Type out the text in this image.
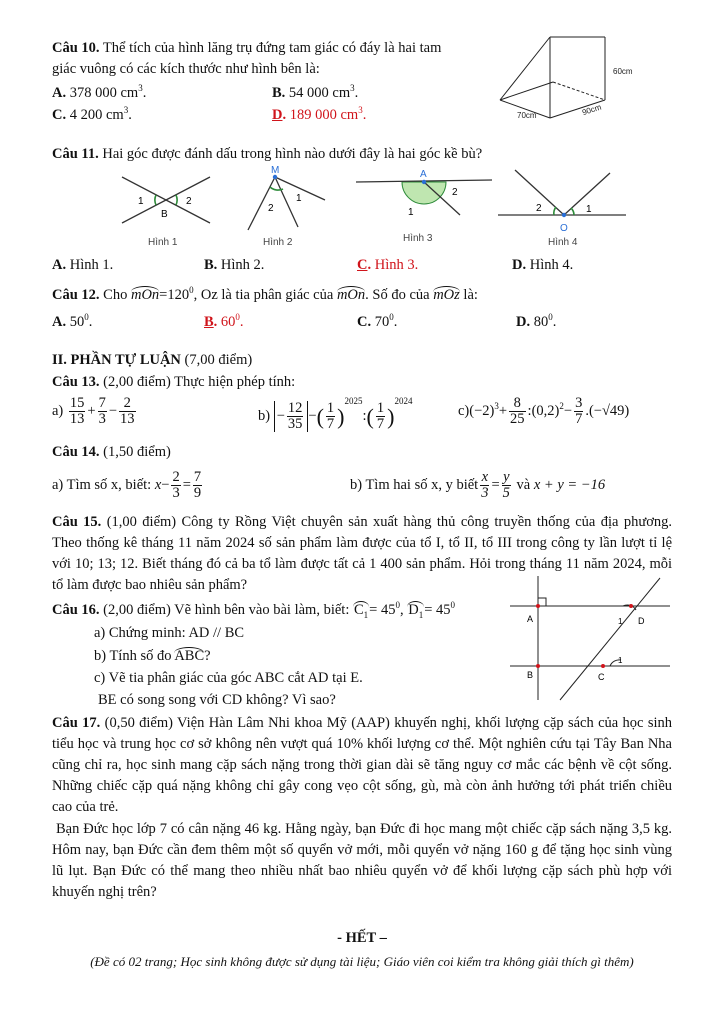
Câu 10. Thể tích của hình lăng trụ đứng tam giác có đáy là hai tam
giác vuông có các kích thước như hình bên là:
A. 378 000 $cm^3$.	B. 54 000 $cm^3$.
C. 4 200 $cm^3$.	D. 189 000 $cm^3$.
60cm
70cm	90cm
Câu 11. Hai góc được đánh dấu trong hình nào dưới đây là hai góc kề bù?
1	2
B
Hình 1
M
2
1
Hình 2
A
2
1
Hình 3
2	1
O
Hình 4
A. Hình 1.	B. Hình 2.	C. Hình 3.	D. Hình 4.
Câu 12. Cho $mOn=120^0$, Oz là tia phân giác của mOn. Số đo của mOz là:
A. $50^0$.	B. $60^0$.	C. $70^0$.	D. $80^0$.
II. PHẦN TỰ LUẬN (7,00 điểm)
Câu 13. (2,00 điểm) Thực hiện phép tính:
$a) \frac{15}{13} + \frac{7}{3} - \frac{2}{13}$	$b) - \frac{12}{35}$ −( $\frac{1}{7}$ )$^{2025}$:( $\frac{1}{7} )^{2024}$
$c)(-2)^3+ \frac{8}{25}$ $:(0,2)^2- \frac{3}{7} .(-√49)$
Câu 14. (1,50 điểm)
a) Tìm số x, biết: $x- \frac{2}{3} = \frac{7}{9}$	b) Tìm hai số x, y biết $\frac{x}{3} = \frac{y}{5}$ và x + y = −16
Câu 15. (1,00 điểm) Công ty Rồng Việt chuyên sản xuất hàng thủ công truyền thống của địa phương. Theo thống kê tháng 11 năm 2024 số sản phẩm làm được của tổ I, tổ II, tổ III trong công ty lần lượt tỉ lệ với 10; 13; 12. Biết tháng đó cả ba tổ làm được tất cả 1 400 sản phẩm. Hỏi trong tháng 11 năm 2024, mỗi tổ làm được bao nhiêu sản phẩm?
Câu 16. (2,00 điểm) Vẽ hình bên vào bài làm, biết: $C_1= 45^0$, $D_1= 45^0$
a) Chứng minh: AD // BC
b) Tính số đo ABC?
c) Vẽ tia phân giác của góc ABC cắt AD tại E.
BE có song song với CD không? Vì sao?
A
B	C
D
1
1
Câu 17. (0,50 điểm) Viện Hàn Lâm Nhi khoa Mỹ (AAP) khuyến nghị, khối lượng cặp sách của học sinh tiểu học và trung học cơ sở không nên vượt quá 10% khối lượng cơ thể. Một nghiên cứu tại Tây Ban Nha cũng chỉ ra, học sinh mang cặp sách nặng trong thời gian dài sẽ tăng nguy cơ mắc các bệnh về cột sống. Những chiếc cặp quá nặng không chỉ gây cong vẹo cột sống, gù, mà còn ảnh hưởng tới phát triển chiều cao của trẻ.
Bạn Đức học lớp 7 có cân nặng 46 kg. Hằng ngày, bạn Đức đi học mang một chiếc cặp sách nặng 3,5 kg. Hôm nay, bạn Đức cần đem thêm một số quyển vở mới, mỗi quyển vở nặng 160 g để tặng học sinh vùng lũ lụt. Bạn Đức có thể mang theo nhiều nhất bao nhiêu quyển vở để khối lượng cặp sách phù hợp với khuyến nghị trên?
- HẾT –
(Đề có 02 trang; Học sinh không được sử dụng tài liệu; Giáo viên coi kiểm tra không giải thích gì thêm)
